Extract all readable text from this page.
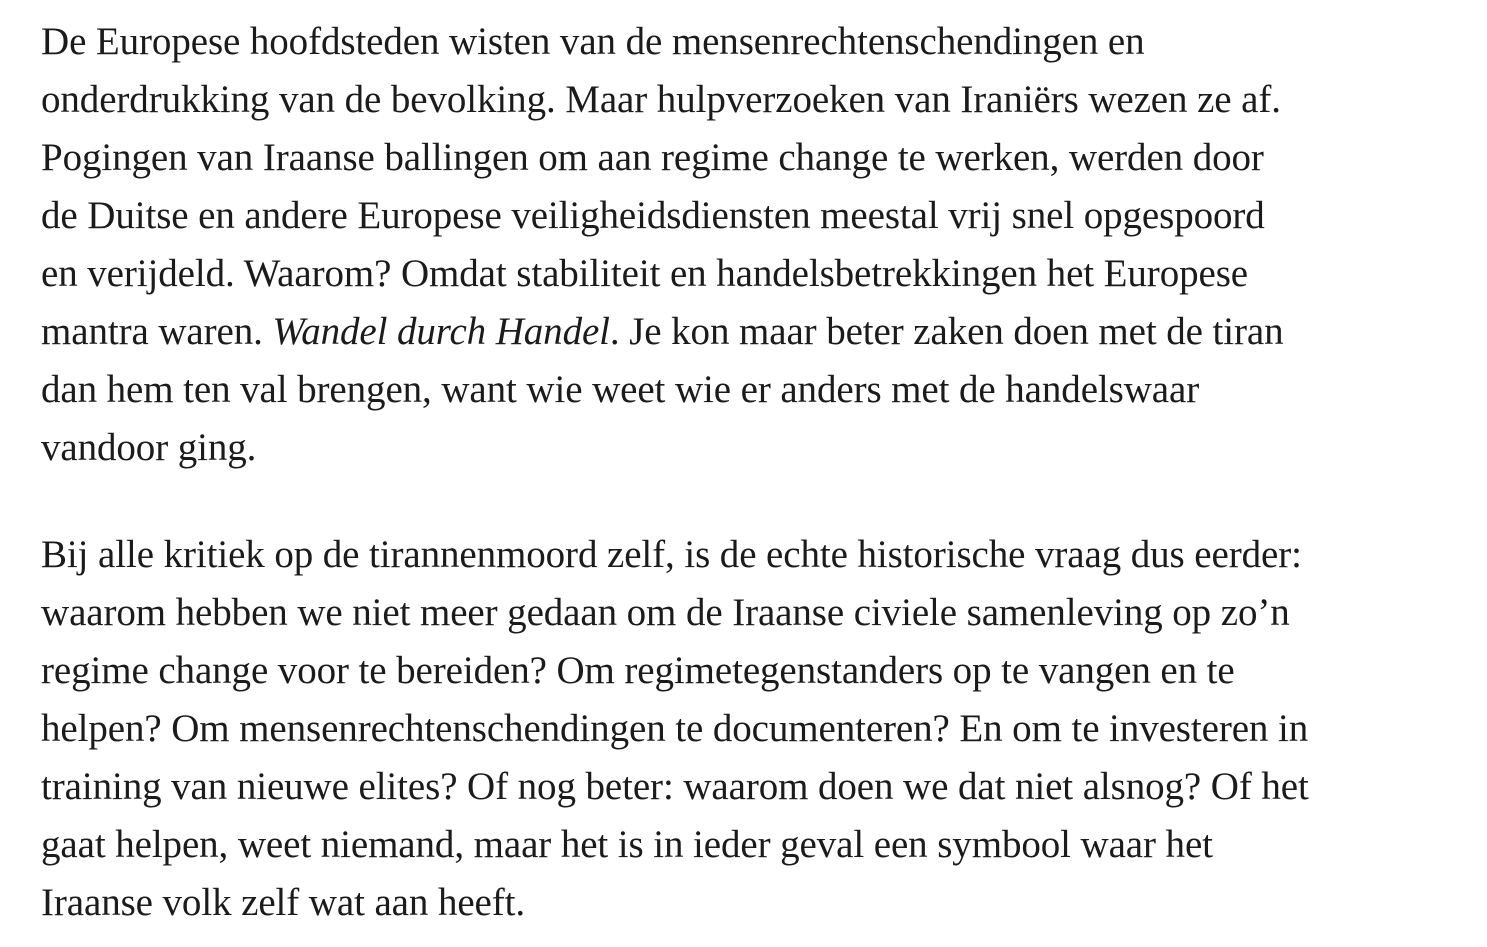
De Europese hoofdsteden wisten van de mensenrechtenschendingen en
onderdrukking van de bevolking. Maar hulpverzoeken van Iraniërs wezen ze af.
Pogingen van Iraanse ballingen om aan regime change te werken, werden door
de Duitse en andere Europese veiligheidsdiensten meestal vrij snel opgespoord
en verijdeld. Waarom? Omdat stabiliteit en handelsbetrekkingen het Europese
mantra waren. Wandel durch Handel. Je kon maar beter zaken doen met de tiran
dan hem ten val brengen, want wie weet wie er anders met de handelswaar
vandoor ging.

Bij alle kritiek op de tirannenmoord zelf, is de echte historische vraag dus eerder:
waarom hebben we niet meer gedaan om de Iraanse civiele samenleving op zo’n
regime change voor te bereiden? Om regimetegenstanders op te vangen en te
helpen? Om mensenrechtenschendingen te documenteren? En om te investeren in
training van nieuwe elites? Of nog beter: waarom doen we dat niet alsnog? Of het
gaat helpen, weet niemand, maar het is in ieder geval een symbool waar het
Iraanse volk zelf wat aan heeft.
